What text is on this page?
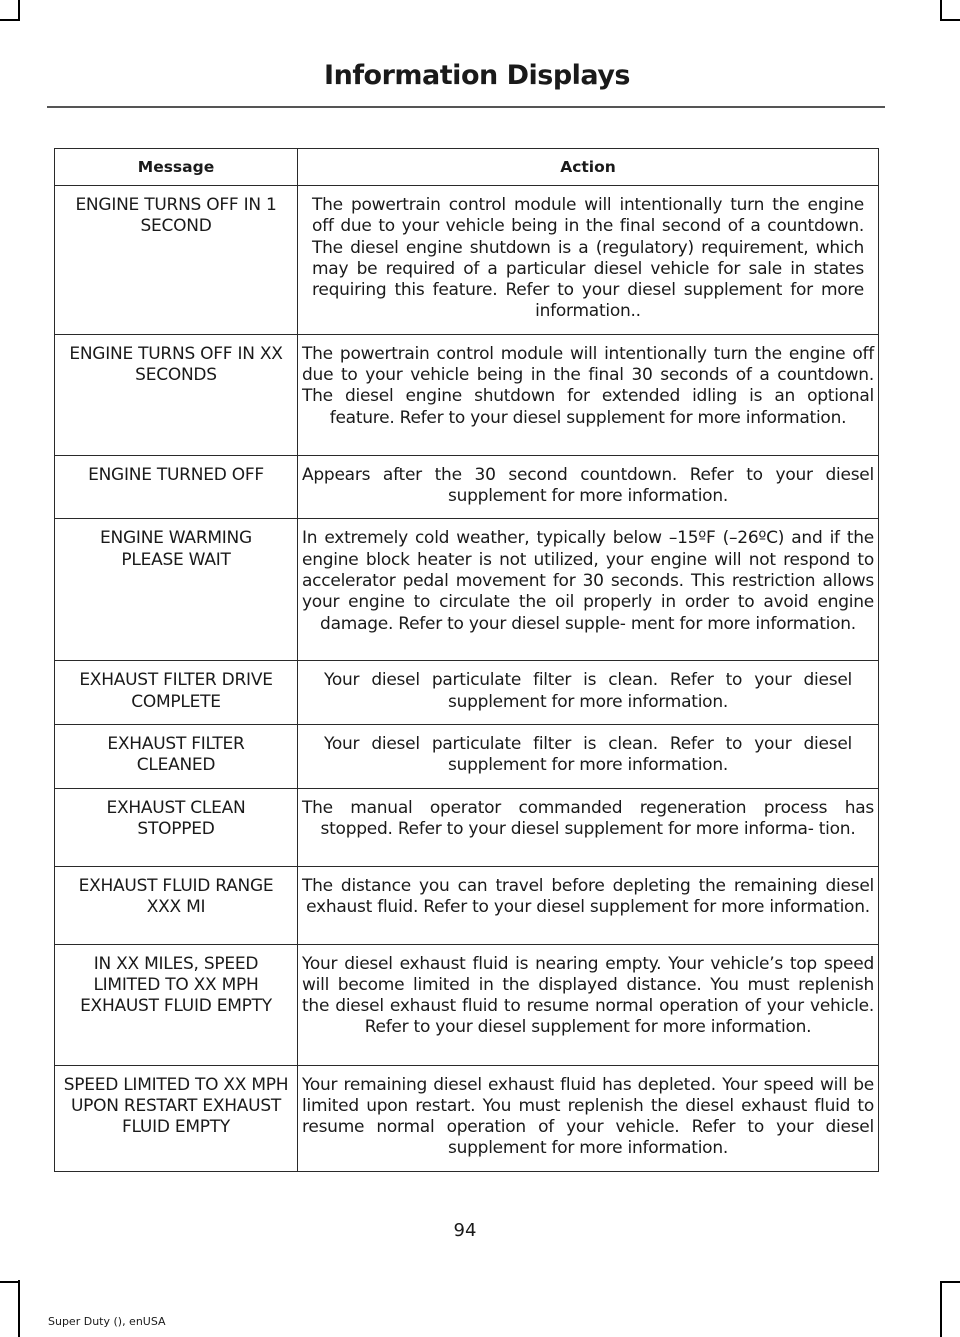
Information Displays
Message	Action
ENGINE TURNS OFF IN 1 SECOND	The powertrain control module will intentionally turn the engine off due to your vehicle being in the final second of a countdown. The diesel engine shutdown is a (regulatory) requirement, which may be required of a particular diesel vehicle for sale in states requiring this feature. Refer to your diesel supplement for more information..
ENGINE TURNS OFF IN XX SECONDS	The powertrain control module will intentionally turn the engine off due to your vehicle being in the final 30 seconds of a countdown. The diesel engine shutdown for extended idling is an optional feature. Refer to your diesel supplement for more information.
ENGINE TURNED OFF	Appears after the 30 second countdown. Refer to your diesel supplement for more information.
ENGINE WARMING PLEASE WAIT	In extremely cold weather, typically below –15ºF (–26ºC) and if the engine block heater is not utilized, your engine will not respond to accelerator pedal movement for 30 seconds. This restriction allows your engine to circulate the oil properly in order to avoid engine damage. Refer to your diesel supple- ment for more information.
EXHAUST FILTER DRIVE COMPLETE	Your diesel particulate filter is clean. Refer to your diesel supplement for more information.
EXHAUST FILTER CLEANED	Your diesel particulate filter is clean. Refer to your diesel supplement for more information.
EXHAUST CLEAN STOPPED	The manual operator commanded regeneration process has stopped. Refer to your diesel supplement for more informa- tion.
EXHAUST FLUID RANGE XXX MI	The distance you can travel before depleting the remaining diesel exhaust fluid. Refer to your diesel supplement for more information.
IN XX MILES, SPEED LIMITED TO XX MPH EXHAUST FLUID EMPTY	Your diesel exhaust fluid is nearing empty. Your vehicle’s top speed will become limited in the displayed distance. You must replenish the diesel exhaust fluid to resume normal operation of your vehicle. Refer to your diesel supplement for more information.
SPEED LIMITED TO XX MPH UPON RESTART EXHAUST FLUID EMPTY	Your remaining diesel exhaust fluid has depleted. Your speed will be limited upon restart. You must replenish the diesel exhaust fluid to resume normal operation of your vehicle. Refer to your diesel supplement for more information.
94
Super Duty (), enUSA
